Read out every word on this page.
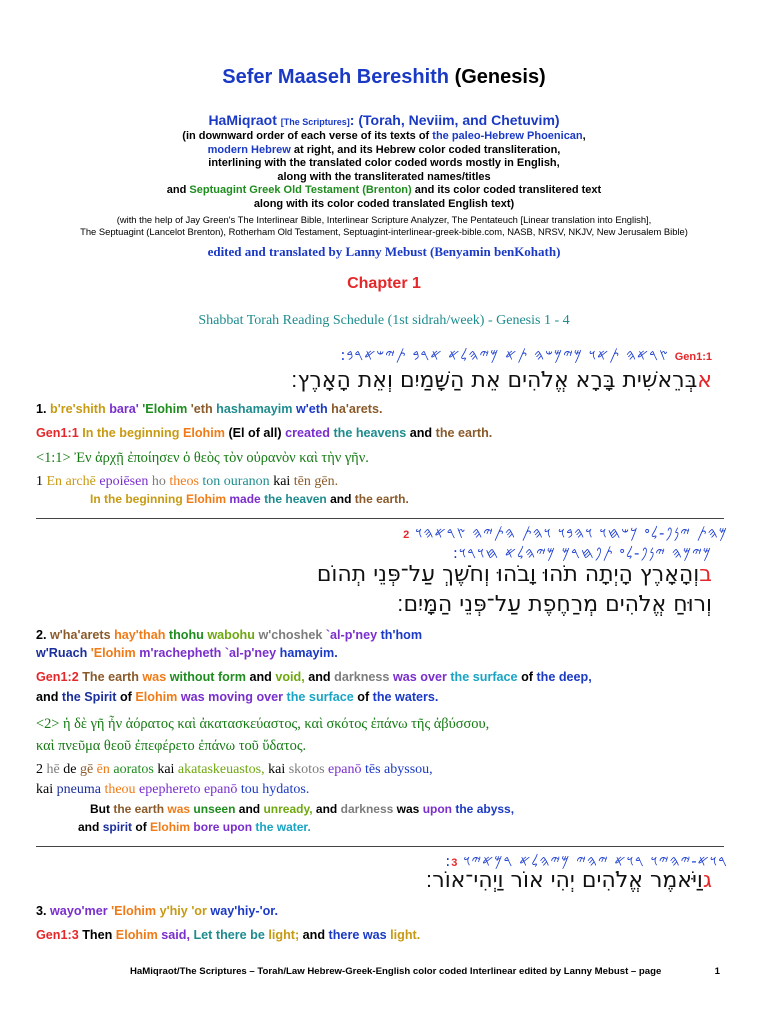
Sefer Maaseh Bereshith (Genesis)
HaMiqraot [The Scriptures]: (Torah, Neviim, and Chetuvim)
(in downward order of each verse of its texts of the paleo-Hebrew Phoenican,
modern Hebrew at right, and its Hebrew color coded transliteration,
interlining with the translated color coded words mostly in English,
along with the transliterated names/titles
and Septuagint Greek Old Testament (Brenton) and its color coded translitered text
along with its color coded translated English text)
(with the help of Jay Green's The Interlinear Bible, Interlinear Scripture Analyzer, The Pentateuch [Linear translation into English],
The Septuagint (Lancelot Brenton), Rotherham Old Testament, Septuagint-interlinear-greek-bible.com, NASB, NRSV, NKJV, New Jerusalem Bible)
edited and translated by Lanny Mebust (Benyamin benKohath)
Chapter 1
Shabbat Torah Reading Schedule (1st sidrah/week) - Genesis 1 - 4
:𐤑𐤓𐤀𐤄 𐤕𐤀𐤅 𐤌𐤉𐤌𐤔𐤄 𐤕𐤀 𐤌𐤉𐤄𐤋𐤀 𐤀𐤓𐤁 𐤕𐤉𐤔𐤀𐤓𐤁 Gen1:1
אבְּרֵאשִׁית בָּרָא אֱלֹהִים אֵת הַשָּׁמַיִם וְאֵת הָאָרֶץ׃
1. b're'shith bara' 'Elohim 'eth hashamayim w'eth ha'arets.
Gen1:1 In the beginning Elohim (El of all) created the heavens and the earth.
<1:1> Ἐν ἀρχῇ ἐποίησεν ὁ θεὸς τὸν οὐρανὸν καὶ τὴν γῆν.
1 En archē epoiēsen ho theos ton ouranon kai tēn gēn.
In the beginning Elohim made the heaven and the earth.
𐤌𐤄𐤕 𐤉𐤍𐤐-𐤋𐤏 𐤊𐤔𐤇𐤅 𐤅𐤄𐤁𐤅 𐤅𐤄𐤕 𐤄𐤕𐤉𐤄 𐤑𐤓𐤀𐤄𐤅 2
:𐤌𐤉𐤌𐤄 𐤉𐤍𐤐-𐤋𐤏 𐤕𐤐𐤇𐤓𐤌 𐤌𐤉𐤄𐤋𐤀 𐤇𐤅𐤓𐤅
בוְהָאָרֶץ הָיְתָה תֹהוּ וָבֹהוּ וְחֹשֶׁךְ עַל־פְּנֵי תְהוֹם
וְרוּחַ אֱלֹהִים מְרַחֶפֶת עַל־פְּנֵי הַמָּיִם׃
2. w'ha'arets hay'thah thohu wabohu w'choshek `al-p'ney th'hom
w'Ruach 'Elohim m'rachepheth `al-p'ney hamayim.
Gen1:2 The earth was without form and void, and darkness was over the surface of the deep,
and the Spirit of Elohim was moving over the surface of the waters.
<2> ἡ δὲ γῆ ἦν ἀόρατος καὶ ἀκατασκεύαστος, καὶ σκότος ἐπάνω τῆς ἀβύσσου,
καὶ πνεῦμα θεοῦ ἐπεφέρετο ἐπάνω τοῦ ὕδατος.
2 hē de gē ēn aoratos kai akataskeuastos, kai skotos epanō tēs abyssou,
kai pneuma theou epephereto epanō tou hydatos.
But the earth was unseen and unready, and darkness was upon the abyss,
and spirit of Elohim bore upon the water.
:𐤓𐤅𐤀-𐤉𐤄𐤉𐤅 𐤓𐤅𐤀 𐤉𐤄𐤉 𐤌𐤉𐤄𐤋𐤀 𐤓𐤌𐤀𐤉𐤅 3
גוַיֹּאמֶר אֱלֹהִים יְהִי אוֹר וַיְהִי־אוֹר׃
3. wayo'mer 'Elohim y'hiy 'or way'hiy-'or.
Gen1:3 Then Elohim said, Let there be light; and there was light.
HaMiqraot/The Scriptures – Torah/Law Hebrew-Greek-English color coded Interlinear edited by Lanny Mebust – page	1
